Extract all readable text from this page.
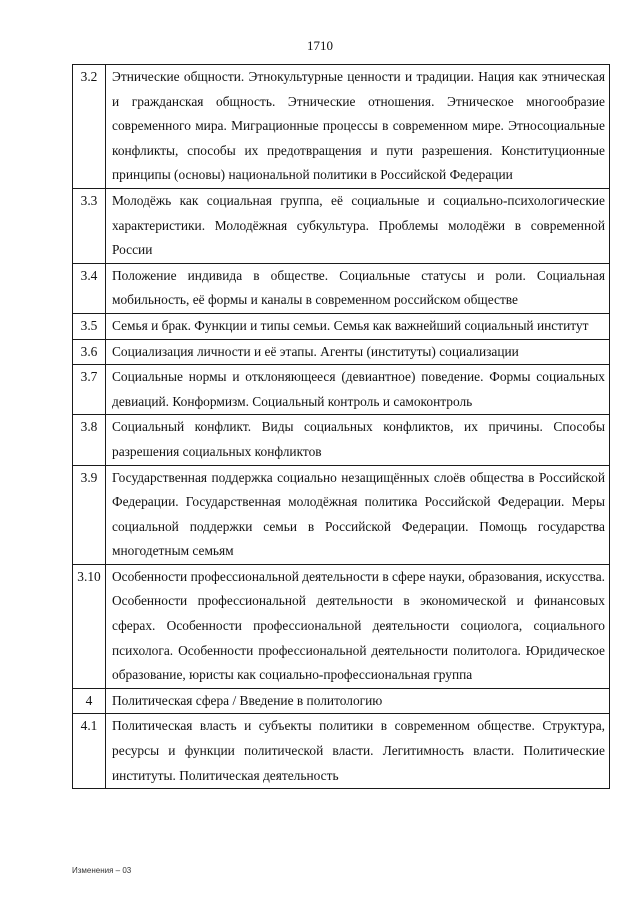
1710
3.2	Этнические общности. Этнокультурные ценности и традиции. Нация как этническая и гражданская общность. Этнические отношения. Этническое многообразие современного мира. Миграционные процессы в современном мире. Этносоциальные конфликты, способы их предотвращения и пути разрешения. Конституционные принципы (основы) национальной политики в Российской Федерации
3.3	Молодёжь как социальная группа, её социальные и социально-психологические характеристики. Молодёжная субкультура. Проблемы молодёжи в современной России
3.4	Положение индивида в обществе. Социальные статусы и роли. Социальная мобильность, её формы и каналы в современном российском обществе
3.5	Семья и брак. Функции и типы семьи. Семья как важнейший социальный институт
3.6	Социализация личности и её этапы. Агенты (институты) социализации
3.7	Социальные нормы и отклоняющееся (девиантное) поведение. Формы социальных девиаций. Конформизм. Социальный контроль и самоконтроль
3.8	Социальный конфликт. Виды социальных конфликтов, их причины. Способы разрешения социальных конфликтов
3.9	Государственная поддержка социально незащищённых слоёв общества в Российской Федерации. Государственная молодёжная политика Российской Федерации. Меры социальной поддержки семьи в Российской Федерации. Помощь государства многодетным семьям
3.10	Особенности профессиональной деятельности в сфере науки, образования, искусства. Особенности профессиональной деятельности в экономической и финансовых сферах. Особенности профессиональной деятельности социолога, социального психолога. Особенности профессиональной деятельности политолога. Юридическое образование, юристы как социально-профессиональная группа
4	Политическая сфера / Введение в политологию
4.1	Политическая власть и субъекты политики в современном обществе. Структура, ресурсы и функции политической власти. Легитимность власти. Политические институты. Политическая деятельность
Изменения – 03
